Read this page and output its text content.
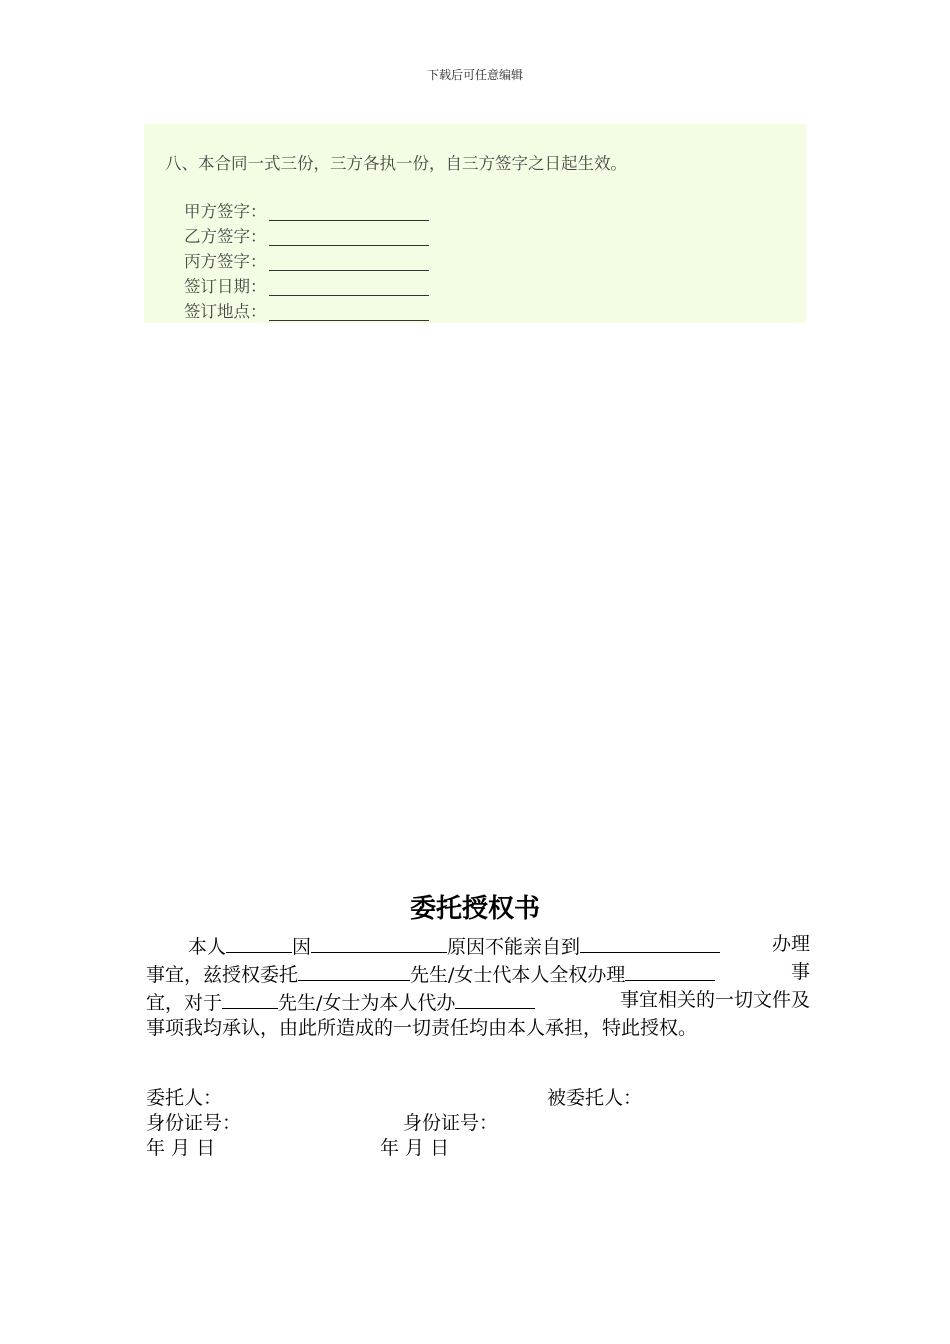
下载后可任意编辑
八、本合同一式三份，三方各执一份，自三方签字之日起生效。
甲方签字：
乙方签字：
丙方签字：
签订日期：
签订地点：
委托授权书
本人	因	原因不能亲自到	办理
事宜，兹授权委托	先生/女士代本人全权办理	事
宜，对于	先生/女士为本人代办	事宜相关的一切文件及
事项我均承认，由此所造成的一切责任均由本人承担，特此授权。
委托人：	被委托人：
身份证号：	身份证号：
年 月 日	年 月 日
